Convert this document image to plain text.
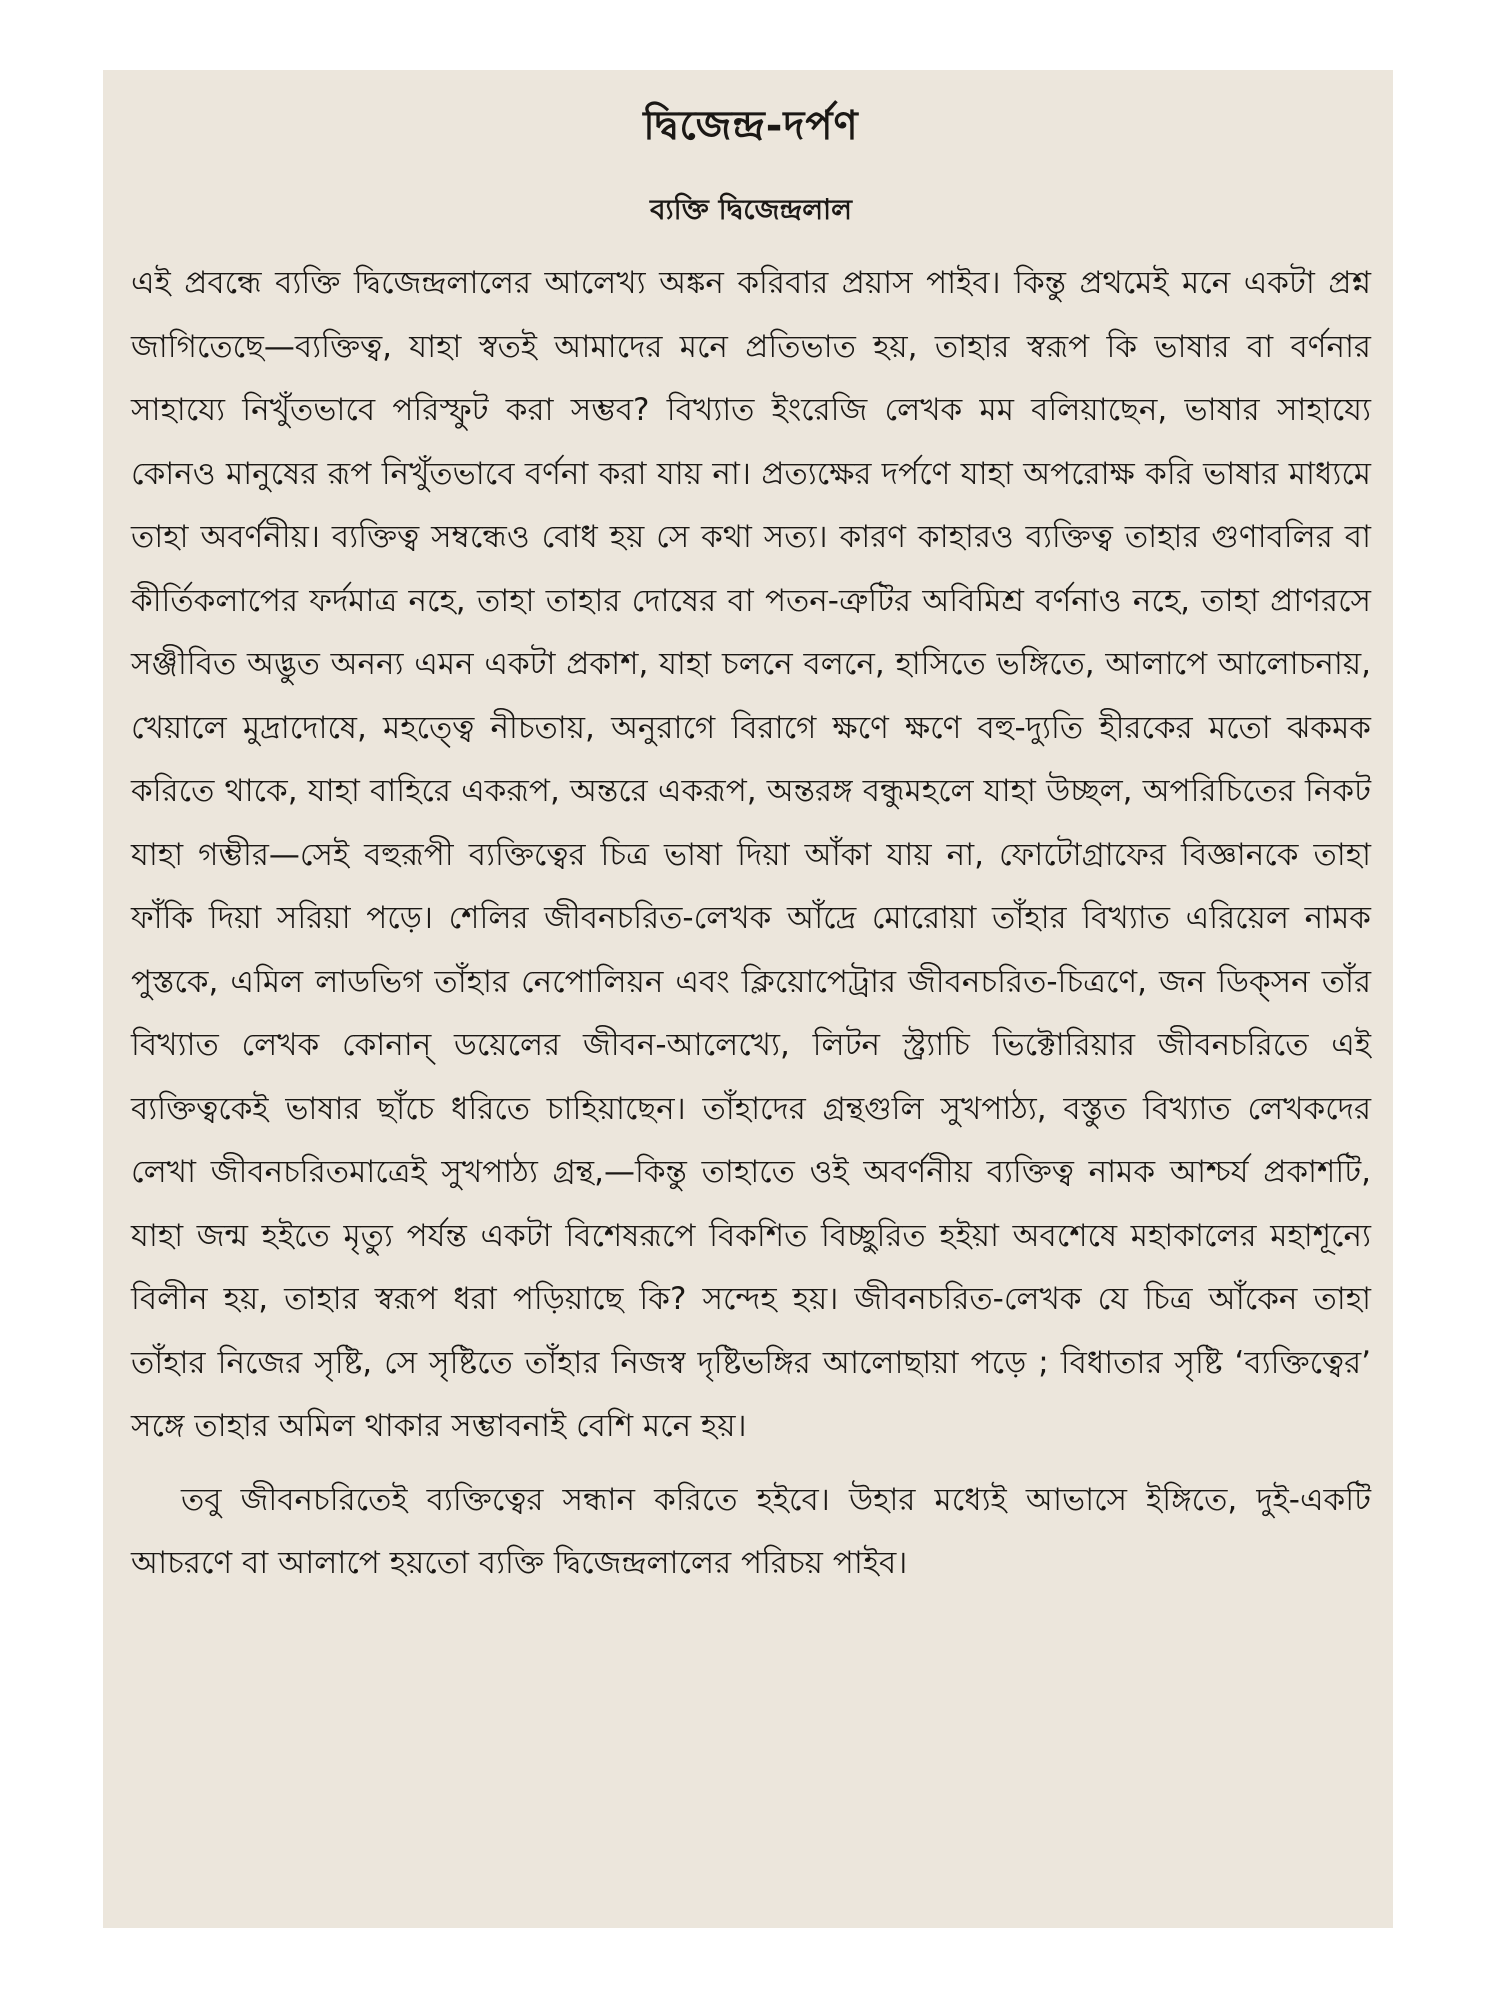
দ্বিজেন্দ্র-দর্পণ
ব্যক্তি দ্বিজেন্দ্রলাল

এই প্রবন্ধে ব্যক্তি দ্বিজেন্দ্রলালের আলেখ্য অঙ্কন করিবার প্রয়াস পাইব। কিন্তু প্রথমেই মনে একটা প্রশ্ন জাগিতেছে—ব্যক্তিত্ব, যাহা স্বতই আমাদের মনে প্রতিভাত হয়, তাহার স্বরূপ কি ভাষার বা বর্ণনার সাহায্যে নিখুঁতভাবে পরিস্ফুট করা সম্ভব? বিখ্যাত ইংরেজি লেখক মম বলিয়াছেন, ভাষার সাহায্যে কোনও মানুষের রূপ নিখুঁতভাবে বর্ণনা করা যায় না। প্রত্যক্ষের দর্পণে যাহা অপরোক্ষ করি ভাষার মাধ্যমে তাহা অবর্ণনীয়। ব্যক্তিত্ব সম্বন্ধেও বোধ হয় সে কথা সত্য। কারণ কাহারও ব্যক্তিত্ব তাহার গুণাবলির বা কীর্তিকলাপের ফর্দমাত্র নহে, তাহা তাহার দোষের বা পতন-ত্রুটির অবিমিশ্র বর্ণনাও নহে, তাহা প্রাণরসে সঞ্জীবিত অদ্ভুত অনন্য এমন একটা প্রকাশ, যাহা চলনে বলনে, হাসিতে ভঙ্গিতে, আলাপে আলোচনায়, খেয়ালে মুদ্রাদোষে, মহত্ত্বে নীচতায়, অনুরাগে বিরাগে ক্ষণে ক্ষণে বহু-দ্যুতি হীরকের মতো ঝকমক করিতে থাকে, যাহা বাহিরে একরূপ, অন্তরে একরূপ, অন্তরঙ্গ বন্ধুমহলে যাহা উচ্ছল, অপরিচিতের নিকট যাহা গম্ভীর—সেই বহুরূপী ব্যক্তিত্বের চিত্র ভাষা দিয়া আঁকা যায় না, ফোটোগ্রাফের বিজ্ঞানকে তাহা ফাঁকি দিয়া সরিয়া পড়ে। শেলির জীবনচরিত-লেখক আঁদ্রে মোরোয়া তাঁহার বিখ্যাত এরিয়েল নামক পুস্তকে, এমিল লাডভিগ তাঁহার নেপোলিয়ন এবং ক্লিয়োপেট্রার জীবনচরিত-চিত্রণে, জন ডিক্‌সন তাঁর বিখ্যাত লেখক কোনান্ ডয়েলের জীবন-আলেখ্যে, লিটন স্ট্র্যাচি ভিক্টোরিয়ার জীবনচরিতে এই ব্যক্তিত্বকেই ভাষার ছাঁচে ধরিতে চাহিয়াছেন। তাঁহাদের গ্রন্থগুলি সুখপাঠ্য, বস্তুত বিখ্যাত লেখকদের লেখা জীবনচরিতমাত্রেই সুখপাঠ্য গ্রন্থ,—কিন্তু তাহাতে ওই অবর্ণনীয় ব্যক্তিত্ব নামক আশ্চর্য প্রকাশটি, যাহা জন্ম হইতে মৃত্যু পর্যন্ত একটা বিশেষরূপে বিকশিত বিচ্ছুরিত হইয়া অবশেষে মহাকালের মহাশূন্যে বিলীন হয়, তাহার স্বরূপ ধরা পড়িয়াছে কি? সন্দেহ হয়। জীবনচরিত-লেখক যে চিত্র আঁকেন তাহা তাঁহার নিজের সৃষ্টি, সে সৃষ্টিতে তাঁহার নিজস্ব দৃষ্টিভঙ্গির আলোছায়া পড়ে ; বিধাতার সৃষ্টি ‘ব্যক্তিত্বের’ সঙ্গে তাহার অমিল থাকার সম্ভাবনাই বেশি মনে হয়।

তবু জীবনচরিতেই ব্যক্তিত্বের সন্ধান করিতে হইবে। উহার মধ্যেই আভাসে ইঙ্গিতে, দুই-একটি আচরণে বা আলাপে হয়তো ব্যক্তি দ্বিজেন্দ্রলালের পরিচয় পাইব।
